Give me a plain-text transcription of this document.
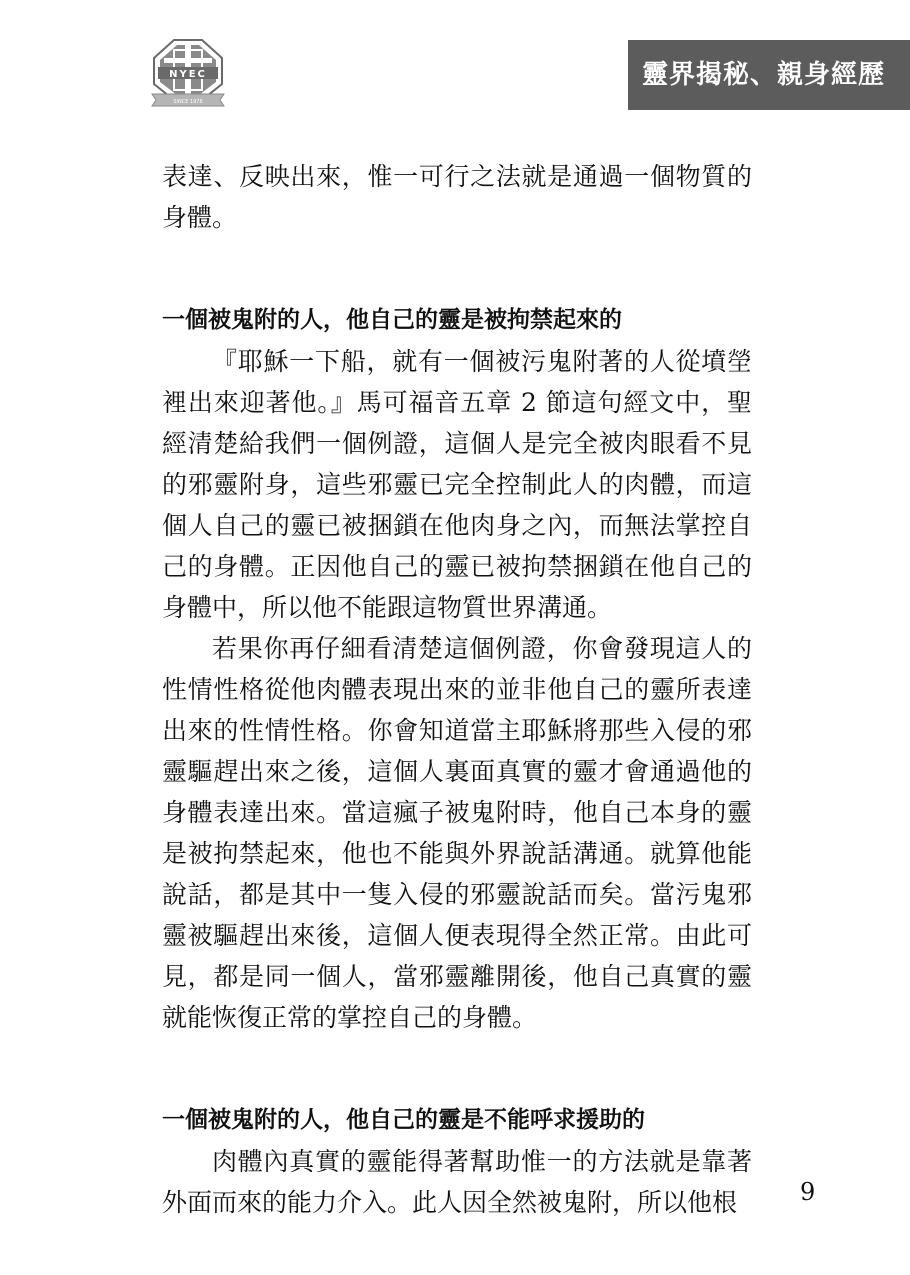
NYEC
SINCE 1978
靈界揭秘、親身經歷

表達、反映出來，惟一可行之法就是通過一個物質的身體。

一個被鬼附的人，他自己的靈是被拘禁起來的

『耶穌一下船，就有一個被污鬼附著的人從墳塋裡出來迎著他。』馬可福音五章 2 節這句經文中，聖經清楚給我們一個例證，這個人是完全被肉眼看不見的邪靈附身，這些邪靈已完全控制此人的肉體，而這個人自己的靈已被捆鎖在他肉身之內，而無法掌控自己的身體。正因他自己的靈已被拘禁捆鎖在他自己的身體中，所以他不能跟這物質世界溝通。

若果你再仔細看清楚這個例證，你會發現這人的性情性格從他肉體表現出來的並非他自己的靈所表達出來的性情性格。你會知道當主耶穌將那些入侵的邪靈驅趕出來之後，這個人裏面真實的靈才會通過他的身體表達出來。當這瘋子被鬼附時，他自己本身的靈是被拘禁起來，他也不能與外界說話溝通。就算他能說話，都是其中一隻入侵的邪靈說話而矣。當污鬼邪靈被驅趕出來後，這個人便表現得全然正常。由此可見，都是同一個人，當邪靈離開後，他自己真實的靈就能恢復正常的掌控自己的身體。

一個被鬼附的人，他自己的靈是不能呼求援助的

肉體內真實的靈能得著幫助惟一的方法就是靠著外面而來的能力介入。此人因全然被鬼附，所以他根	9
